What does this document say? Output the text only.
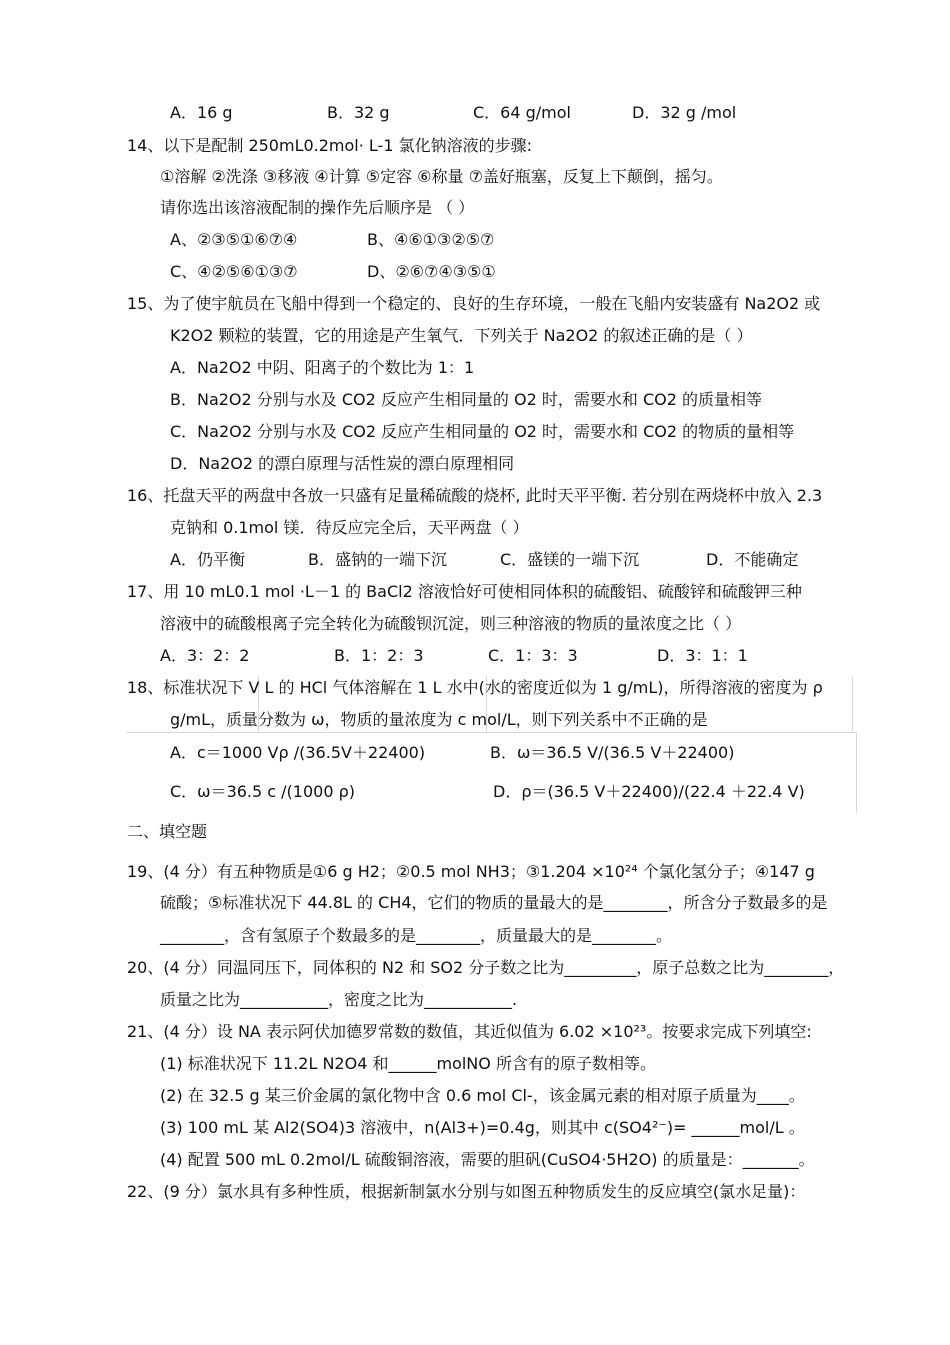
A．16 g	B．32 g	C．64 g/mol	D．32 g /mol
14、以下是配制 250mL0.2mol· L-1 氯化钠溶液的步骤:
①溶解 ②洗涤 ③移液 ④计算 ⑤定容 ⑥称量 ⑦盖好瓶塞，反复上下颠倒，摇匀。
请你选出该溶液配制的操作先后顺序是 （ ）
A、②③⑤①⑥⑦④	B、④⑥①③②⑤⑦
C、④②⑤⑥①③⑦	D、②⑥⑦④③⑤①
15、为了使宇航员在飞船中得到一个稳定的、良好的生存环境，一般在飞船内安装盛有 Na2O2 或
K2O2 颗粒的装置，它的用途是产生氧气．下列关于 Na2O2 的叙述正确的是（ ）
A．Na2O2 中阴、阳离子的个数比为 1：1
B．Na2O2 分别与水及 CO2 反应产生相同量的 O2 时，需要水和 CO2 的质量相等
C．Na2O2 分别与水及 CO2 反应产生相同量的 O2 时，需要水和 CO2 的物质的量相等
D．Na2O2 的漂白原理与活性炭的漂白原理相同
16、托盘天平的两盘中各放一只盛有足量稀硫酸的烧杯, 此时天平平衡. 若分别在两烧杯中放入 2.3
克钠和 0.1mol 镁．待反应完全后，天平两盘（ ）
A．仍平衡	B．盛钠的一端下沉	C．盛镁的一端下沉	D．不能确定
17、用 10 mL0.1 mol ·L－1 的 BaCl2 溶液恰好可使相同体积的硫酸铝、硫酸锌和硫酸钾三种
溶液中的硫酸根离子完全转化为硫酸钡沉淀，则三种溶液的物质的量浓度之比（ ）
A．3：2：2	B．1：2：3	C．1：3：3	D．3：1：1
18、标准状况下 V L 的 HCl 气体溶解在 1 L 水中(水的密度近似为 1 g/mL)，所得溶液的密度为 ρ
g/mL，质量分数为 ω，物质的量浓度为 c mol/L，则下列关系中不正确的是
A．c＝1000 Vρ /(36.5V＋22400)	B．ω＝36.5 V/(36.5 V＋22400)
C．ω＝36.5 c /(1000 ρ)	D．ρ＝(36.5 V＋22400)/(22.4 ＋22.4 V)
二、填空题
19、(4 分）有五种物质是①6 g H2；②0.5 mol NH3；③1.204 ×10²⁴ 个氯化氢分子；④147 g
硫酸；⑤标准状况下 44.8L 的 CH4，它们的物质的量最大的是________，所含分子数最多的是
________，含有氢原子个数最多的是________，质量最大的是________。
20、(4 分）同温同压下，同体积的 N2 和 SO2 分子数之比为_________，原子总数之比为________，
质量之比为___________，密度之比为___________.
21、(4 分）设 NA 表示阿伏加德罗常数的数值，其近似值为 6.02 ×10²³。按要求完成下列填空:
(1) 标准状况下 11.2L N2O4 和______molNO 所含有的原子数相等。
(2) 在 32.5 g 某三价金属的氯化物中含 0.6 mol Cl-，该金属元素的相对原子质量为____。
(3) 100 mL 某 Al2(SO4)3 溶液中，n(Al3+)=0.4g，则其中 c(SO4²⁻)= ______mol/L 。
(4) 配置 500 mL 0.2mol/L 硫酸铜溶液，需要的胆矾(CuSO4·5H2O) 的质量是：_______。
22、(9 分）氯水具有多种性质，根据新制氯水分别与如图五种物质发生的反应填空(氯水足量)：
